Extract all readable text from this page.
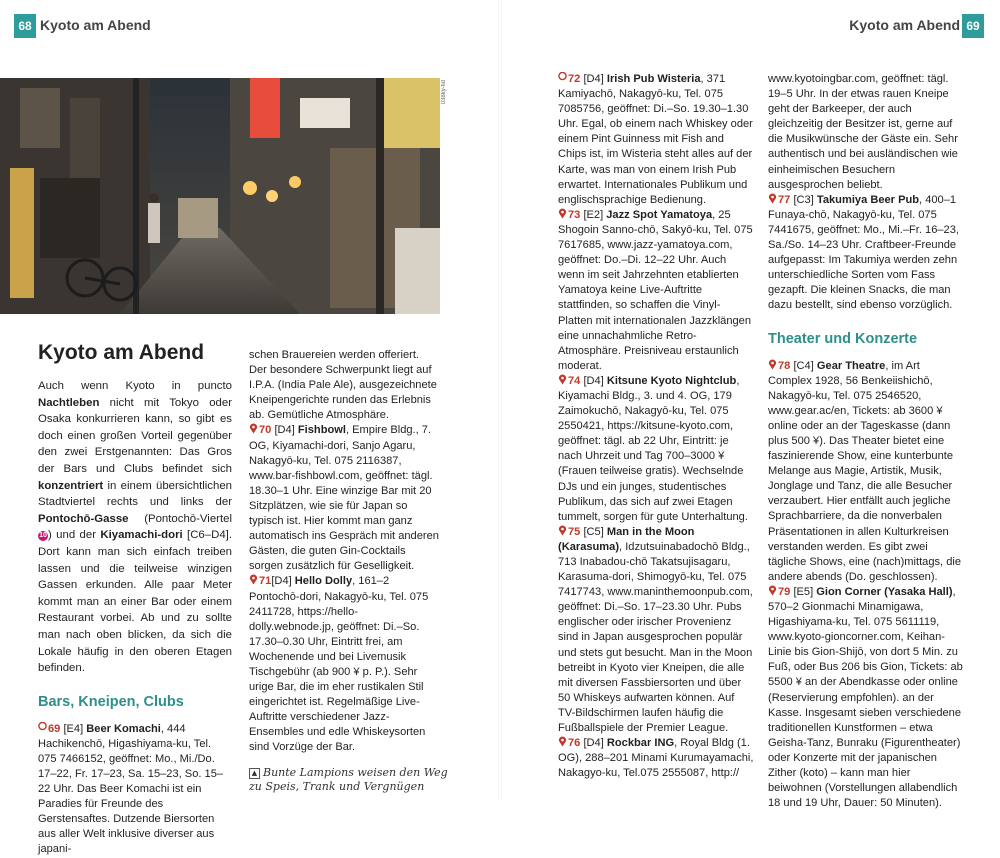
68 Kyoto am Abend
038ky-tid
Kyoto am Abend
Auch wenn Kyoto in puncto Nachtleben nicht mit Tokyo oder Osaka konkurrieren kann, so gibt es doch einen großen Vorteil gegenüber den zwei Erstgenannten: Das Gros der Bars und Clubs befindet sich konzentriert in einem übersichtlichen Stadtviertel rechts und links der Pontochō-Gasse (Pontochō-Viertel 10) und der Kiyamachi-dori [C6–D4]. Dort kann man sich einfach treiben lassen und die teilweise winzigen Gassen erkunden. Alle paar Meter kommt man an einer Bar oder einem Restaurant vorbei. Ab und zu sollte man nach oben blicken, da sich die Lokale häufig in den oberen Etagen befinden.
Bars, Kneipen, Clubs
69 [E4] Beer Komachi, 444 Hachikenchō, Higashiyama-ku, Tel. 075 7466152, geöffnet: Mo., Mi./Do. 17–22, Fr. 17–23, Sa. 15–23, So. 15–22 Uhr. Das Beer Komachi ist ein Paradies für Freunde des Gerstensaftes. Dutzende Biersorten aus aller Welt inklusive diverser aus japani-
schen Brauereien werden offeriert. Der besondere Schwerpunkt liegt auf I.P.A. (India Pale Ale), ausgezeichnete Kneipengerichte runden das Erlebnis ab. Gemütliche Atmosphäre.
70 [D4] Fishbowl, Empire Bldg., 7. OG, Kiyamachi-dori, Sanjo Agaru, Nakagyō-ku, Tel. 075 2116387, www.bar-fishbowl.com, geöffnet: tägl. 18.30–1 Uhr. Eine winzige Bar mit 20 Sitzplätzen, wie sie für Japan so typisch ist. Hier kommt man ganz automatisch ins Gespräch mit anderen Gästen, die guten Gin-Cocktails sorgen zusätzlich für Geselligkeit.
71[D4] Hello Dolly, 161–2 Pontochō-dori, Nakagyō-ku, Tel. 075 2411728, https://hello-dolly.webnode.jp, geöffnet: Di.–So. 17.30–0.30 Uhr, Eintritt frei, am Wochenende und bei Livemusik Tischgebühr (ab 900 ¥ p. P.). Sehr urige Bar, die im eher rustikalen Stil eingerichtet ist. Regelmäßige Live-Auftritte verschiedener Jazz-Ensembles und edle Whiskeysorten sind Vorzüge der Bar.
▲ Bunte Lampions weisen den Weg zu Speis, Trank und Vergnügen
Kyoto am Abend 69
72 [D4] Irish Pub Wisteria, 371 Kamiyachō, Nakagyō-ku, Tel. 075 7085756, geöffnet: Di.–So. 19.30–1.30 Uhr. Egal, ob einem nach Whiskey oder einem Pint Guinness mit Fish and Chips ist, im Wisteria steht alles auf der Karte, was man von einem Irish Pub erwartet. Internationales Publikum und englischsprachige Bedienung.
73 [E2] Jazz Spot Yamatoya, 25 Shogoin Sanno-chō, Sakyō-ku, Tel. 075 7617685, www.jazz-yamatoya.com, geöffnet: Do.–Di. 12–22 Uhr. Auch wenn im seit Jahrzehnten etablierten Yamatoya keine Live-Auftritte stattfinden, so schaffen die Vinyl-Platten mit internationalen Jazzklängen eine unnachahmliche Retro-Atmosphäre. Preisniveau erstaunlich moderat.
74 [D4] Kitsune Kyoto Nightclub, Kiyamachi Bldg., 3. und 4. OG, 179 Zaimokuchō, Nakagyō-ku, Tel. 075 2550421, https://kitsune-kyoto.com, geöffnet: tägl. ab 22 Uhr, Eintritt: je nach Uhrzeit und Tag 700–3000 ¥ (Frauen teilweise gratis). Wechselnde DJs und ein junges, studentisches Publikum, das sich auf zwei Etagen tummelt, sorgen für gute Unterhaltung.
75 [C5] Man in the Moon (Karasuma), Idzutsuinabadochō Bldg., 713 Inabadou-chō Takatsujisagaru, Karasuma-dori, Shimogyō-ku, Tel. 075 7417743, www.maninthemoonpub.com, geöffnet: Di.–So. 17–23.30 Uhr. Pubs englischer oder irischer Provenienz sind in Japan ausgesprochen populär und stets gut besucht. Man in the Moon betreibt in Kyoto vier Kneipen, die alle mit diversen Fassbiersorten und über 50 Whiskeys aufwarten können. Auf TV-Bildschirmen laufen häufig die Fußballspiele der Premier League.
76 [D4] Rockbar ING, Royal Bldg (1. OG), 288–201 Minami Kurumayamachi, Nakagyo-ku, Tel.075 2555087, http://
www.kyotoingbar.com, geöffnet: tägl. 19–5 Uhr. In der etwas rauen Kneipe geht der Barkeeper, der auch gleichzeitig der Besitzer ist, gerne auf die Musikwünsche der Gäste ein. Sehr authentisch und bei ausländischen wie einheimischen Besuchern ausgesprochen beliebt.
77 [C3] Takumiya Beer Pub, 400–1 Funaya-chō, Nakagyō-ku, Tel. 075 7441675, geöffnet: Mo., Mi.–Fr. 16–23, Sa./So. 14–23 Uhr. Craftbeer-Freunde aufgepasst: Im Takumiya werden zehn unterschiedliche Sorten vom Fass gezapft. Die kleinen Snacks, die man dazu bestellt, sind ebenso vorzüglich.
Theater und Konzerte
78 [C4] Gear Theatre, im Art Complex 1928, 56 Benkeiishichō, Nakagyō-ku, Tel. 075 2546520, www.gear.ac/en, Tickets: ab 3600 ¥ online oder an der Tageskasse (dann plus 500 ¥). Das Theater bietet eine faszinierende Show, eine kunterbunte Melange aus Magie, Artistik, Musik, Jonglage und Tanz, die alle Besucher verzaubert. Hier entfällt auch jegliche Sprachbarriere, da die nonverbalen Präsentationen in allen Kulturkreisen verstanden werden. Es gibt zwei tägliche Shows, eine (nach)mittags, die andere abends (Do. geschlossen).
79 [E5] Gion Corner (Yasaka Hall), 570–2 Gionmachi Minamigawa, Higashiyama-ku, Tel. 075 5611119, www.kyoto-gioncorner.com, Keihan-Linie bis Gion-Shijō, von dort 5 Min. zu Fuß, oder Bus 206 bis Gion, Tickets: ab 5500 ¥ an der Abendkasse oder online (Reservierung empfohlen). an der Kasse. Insgesamt sieben verschiedene traditionellen Kunstformen – etwa Geisha-Tanz, Bunraku (Figurentheater) oder Konzerte mit der japanischen Zither (koto) – kann man hier beiwohnen (Vorstellungen allabendlich 18 und 19 Uhr, Dauer: 50 Minuten).
